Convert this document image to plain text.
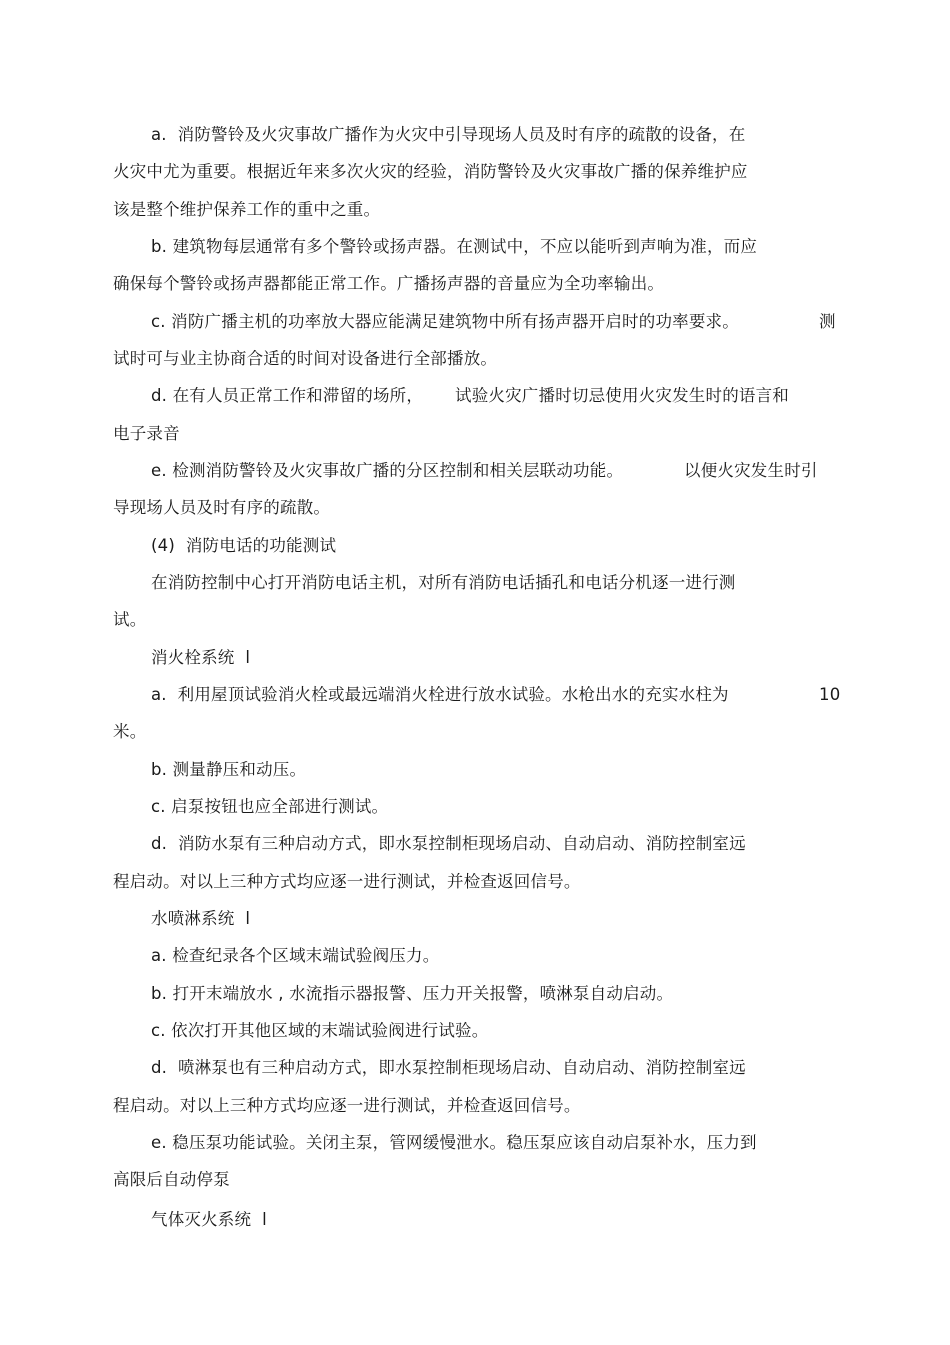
a.  消防警铃及火灾事故广播作为火灾中引导现场人员及时有序的疏散的设备，在
火灾中尤为重要。根据近年来多次火灾的经验，消防警铃及火灾事故广播的保养维护应
该是整个维护保养工作的重中之重。
b. 建筑物每层通常有多个警铃或扬声器。在测试中，不应以能听到声响为准，而应
确保每个警铃或扬声器都能正常工作。广播扬声器的音量应为全功率输出。
c. 消防广播主机的功率放大器应能满足建筑物中所有扬声器开启时的功率要求。	测
试时可与业主协商合适的时间对设备进行全部播放。
d. 在有人员正常工作和滞留的场所， 试验火灾广播时切忌使用火灾发生时的语言和
电子录音
e. 检测消防警铃及火灾事故广播的分区控制和相关层联动功能。	以便火灾发生时引
导现场人员及时有序的疏散。
(4)  消防电话的功能测试
在消防控制中心打开消防电话主机，对所有消防电话插孔和电话分机逐一进行测
试。
消火栓系统  l
a.  利用屋顶试验消火栓或最远端消火栓进行放水试验。水枪出水的充实水柱为	10
米。
b. 测量静压和动压。
c. 启泵按钮也应全部进行测试。
d.  消防水泵有三种启动方式，即水泵控制柜现场启动、自动启动、消防控制室远
程启动。对以上三种方式均应逐一进行测试，并检查返回信号。
水喷淋系统  l
a. 检查纪录各个区域末端试验阀压力。
b. 打开末端放水 , 水流指示器报警、压力开关报警，喷淋泵自动启动。
c. 依次打开其他区域的末端试验阀进行试验。
d.  喷淋泵也有三种启动方式，即水泵控制柜现场启动、自动启动、消防控制室远
程启动。对以上三种方式均应逐一进行测试，并检查返回信号。
e. 稳压泵功能试验。关闭主泵，管网缓慢泄水。稳压泵应该自动启泵补水，压力到
高限后自动停泵
气体灭火系统  l
